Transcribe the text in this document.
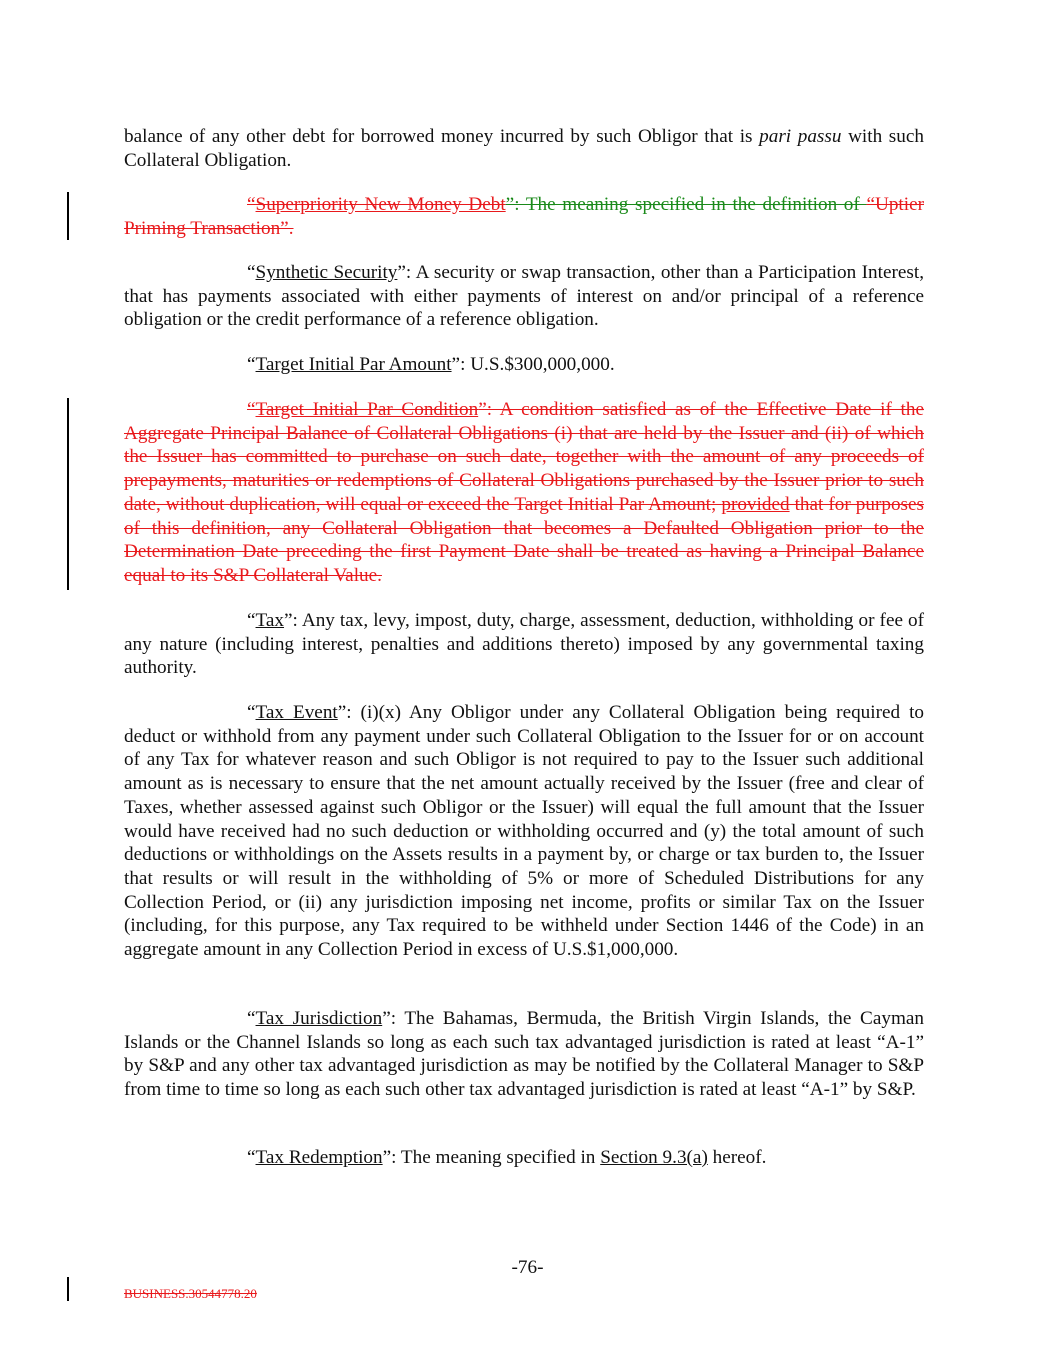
balance of any other debt for borrowed money incurred by such Obligor that is pari passu with such Collateral Obligation.
“Superpriority New Money Debt”: The meaning specified in the definition of “Uptier Priming Transaction”.
“Synthetic Security”: A security or swap transaction, other than a Participation Interest, that has payments associated with either payments of interest on and/or principal of a reference obligation or the credit performance of a reference obligation.
“Target Initial Par Amount”: U.S.$300,000,000.
“Target Initial Par Condition”: A condition satisfied as of the Effective Date if the Aggregate Principal Balance of Collateral Obligations (i) that are held by the Issuer and (ii) of which the Issuer has committed to purchase on such date, together with the amount of any proceeds of prepayments, maturities or redemptions of Collateral Obligations purchased by the Issuer prior to such date, without duplication, will equal or exceed the Target Initial Par Amount; provided that for purposes of this definition, any Collateral Obligation that becomes a Defaulted Obligation prior to the Determination Date preceding the first Payment Date shall be treated as having a Principal Balance equal to its S&P Collateral Value.
“Tax”: Any tax, levy, impost, duty, charge, assessment, deduction, withholding or fee of any nature (including interest, penalties and additions thereto) imposed by any governmental taxing authority.
“Tax Event”: (i)(x) Any Obligor under any Collateral Obligation being required to deduct or withhold from any payment under such Collateral Obligation to the Issuer for or on account of any Tax for whatever reason and such Obligor is not required to pay to the Issuer such additional amount as is necessary to ensure that the net amount actually received by the Issuer (free and clear of Taxes, whether assessed against such Obligor or the Issuer) will equal the full amount that the Issuer would have received had no such deduction or withholding occurred and (y) the total amount of such deductions or withholdings on the Assets results in a payment by, or charge or tax burden to, the Issuer that results or will result in the withholding of 5% or more of Scheduled Distributions for any Collection Period, or (ii) any jurisdiction imposing net income, profits or similar Tax on the Issuer (including, for this purpose, any Tax required to be withheld under Section 1446 of the Code) in an aggregate amount in any Collection Period in excess of U.S.$1,000,000.
“Tax Jurisdiction”: The Bahamas, Bermuda, the British Virgin Islands, the Cayman Islands or the Channel Islands so long as each such tax advantaged jurisdiction is rated at least “A-1” by S&P and any other tax advantaged jurisdiction as may be notified by the Collateral Manager to S&P from time to time so long as each such other tax advantaged jurisdiction is rated at least “A-1” by S&P.
“Tax Redemption”: The meaning specified in Section 9.3(a) hereof.
-76-
BUSINESS.30544778.20
